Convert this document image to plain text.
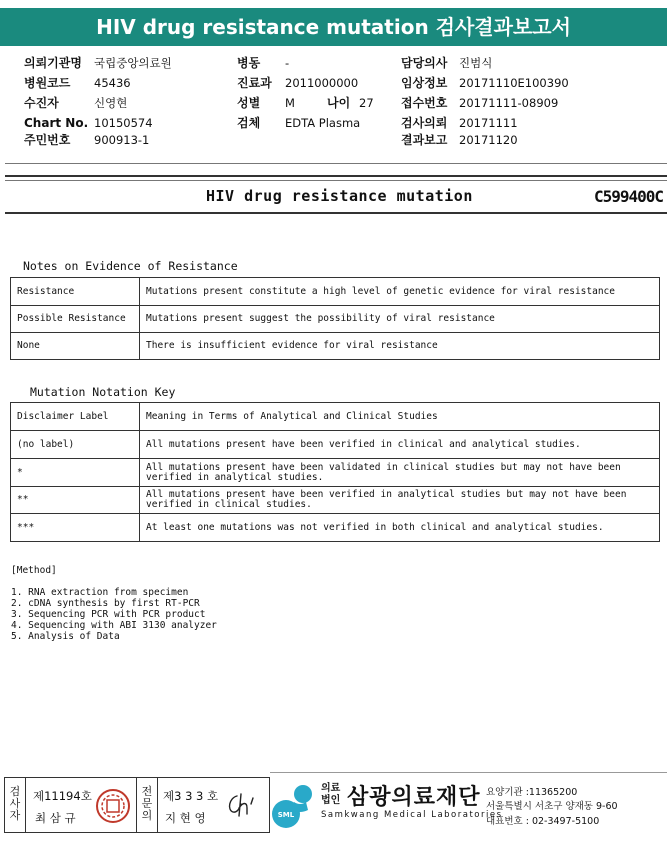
HIV drug resistance mutation 검사결과보고서
의뢰기관명 국립중앙의료원
병원코드 45436
수진자	신영현
Chart No. 10150574
주민번호 900913-1
병동 -
진료과 2011000000
성별 M	나이 27
검체 EDTA Plasma
담당의사 진범식
임상정보 20171110E100390
접수번호 20171111-08909
검사의뢰 20171111
결과보고 20171120
HIV drug resistance mutation	C599400C
Notes on Evidence of Resistance
Resistance	Mutations present constitute a high level of genetic evidence for viral resistance
Possible Resistance	Mutations present suggest the possibility of viral resistance
None	There is insufficient evidence for viral resistance
Mutation Notation Key
Disclaimer Label	Meaning in Terms of Analytical and Clinical Studies
(no label)	All mutations present have been verified in clinical and analytical studies.
*	All mutations present have been validated in clinical studies but may not have been verified in analytical studies.
**	All mutations present have been verified in analytical studies but may not have been verified in clinical studies.
***	At least one mutations was not verified in both clinical and analytical studies.
[Method]
1. RNA extraction from specimen
2. cDNA synthesis by first RT-PCR
3. Sequencing PCR with PCR product
4. Sequencing with ABI 3130 analyzer
5. Analysis of Data
검사자
제11194호
최 삼 규
전문의
제3 3 3 호
지 현 영	SML
의료
법인 삼광의료재단
Samkwang Medical Laboratories
요양기관 :11365200
서울특별시 서초구 양재동 9-60
대표번호 : 02-3497-5100
